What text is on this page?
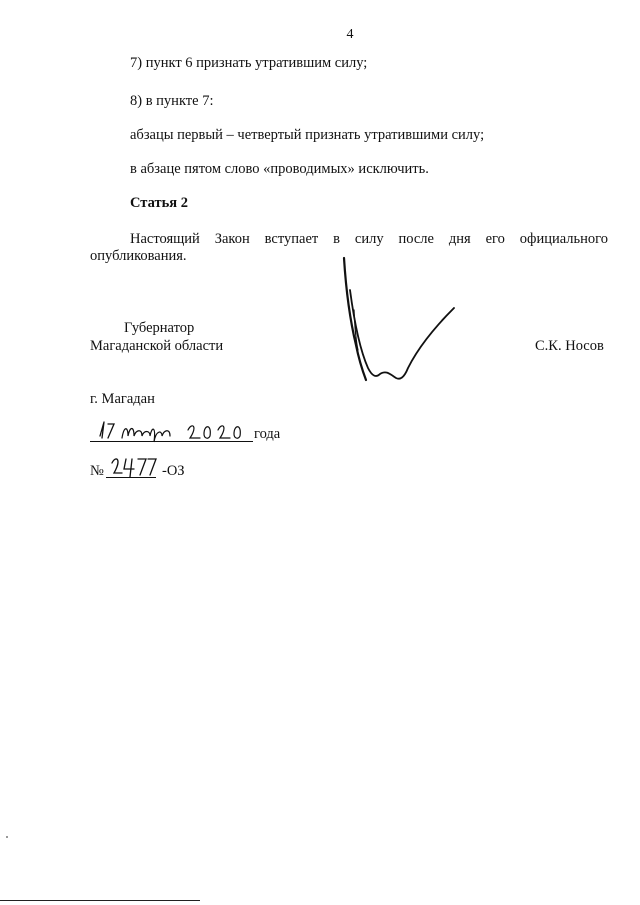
4
7) пункт 6 признать утратившим силу;
8) в пункте 7:
абзацы первый – четвертый признать утратившими силу;
в абзаце пятом слово «проводимых» исключить.
Статья 2
Настоящий Закон вступает в силу после дня его официального
опубликования.
Губернатор
Магаданской области	С.К. Носов
г. Магадан
года
№	-ОЗ
